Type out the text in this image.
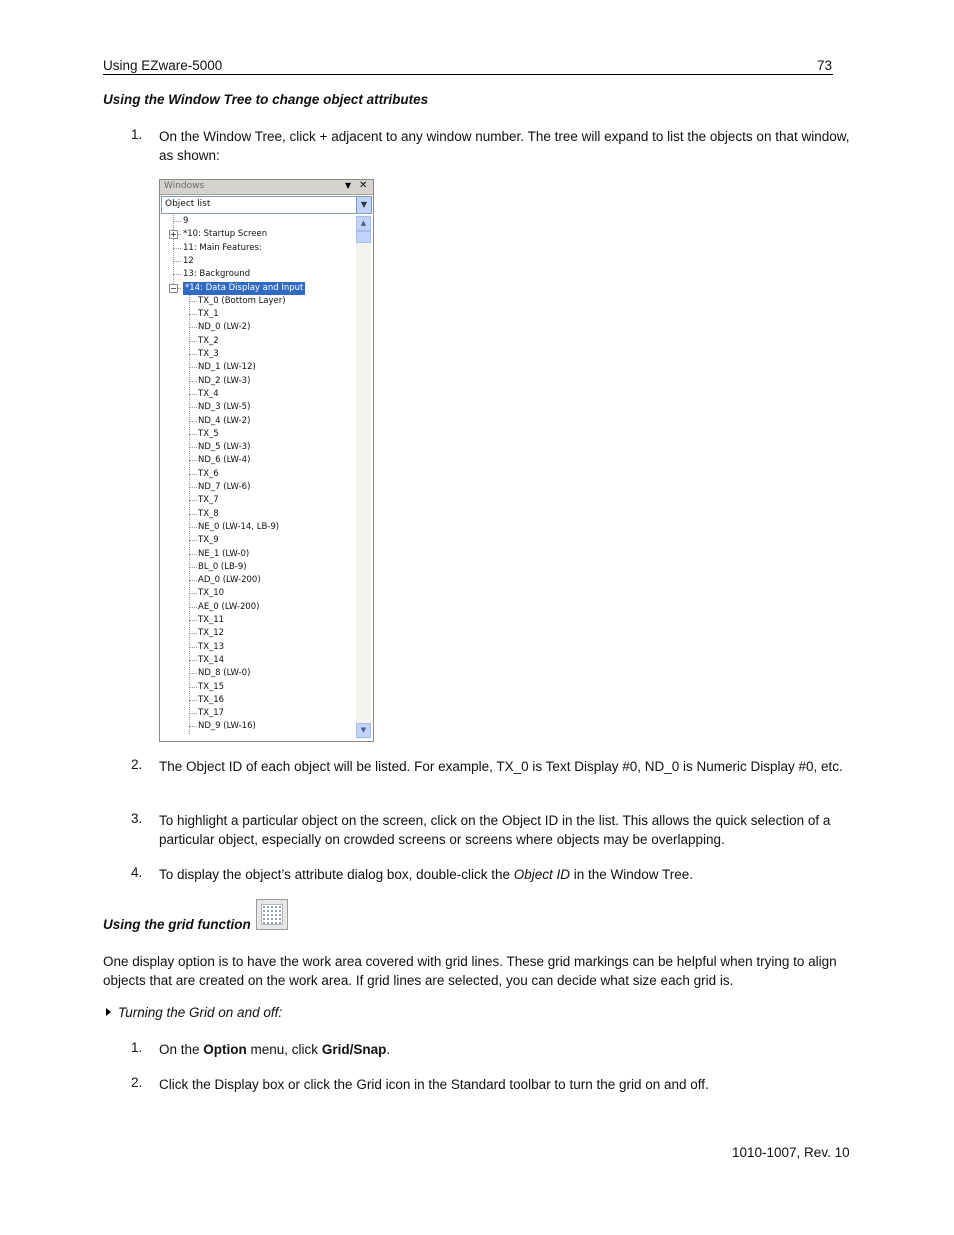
Using EZware-5000	73
Using the Window Tree to change object attributes
1. On the Window Tree, click + adjacent to any window number. The tree will expand to list the objects on that window, as shown:
Windows	▼ ✕
Object list	▼
9
+ *10: Startup Screen
11: Main Features:
12
13: Background
− *14: Data Display and Input
TX_0 (Bottom Layer)
TX_1
ND_0 (LW-2)
TX_2
TX_3
ND_1 (LW-12)
ND_2 (LW-3)
TX_4
ND_3 (LW-5)
ND_4 (LW-2)
TX_5
ND_5 (LW-3)
ND_6 (LW-4)
TX_6
ND_7 (LW-6)
TX_7
TX_8
NE_0 (LW-14, LB-9)
TX_9
NE_1 (LW-0)
BL_0 (LB-9)
AD_0 (LW-200)
TX_10
AE_0 (LW-200)
TX_11
TX_12
TX_13
TX_14
ND_8 (LW-0)
TX_15
TX_16
TX_17
ND_9 (LW-16)
▲
▼
2. The Object ID of each object will be listed. For example, TX_0 is Text Display #0, ND_0 is Numeric Display #0, etc.
3. To highlight a particular object on the screen, click on the Object ID in the list. This allows the quick selection of a particular object, especially on crowded screens or screens where objects may be overlapping.
4. To display the object’s attribute dialog box, double-click the Object ID in the Window Tree.
Using the grid function
One display option is to have the work area covered with grid lines. These grid markings can be helpful when trying to align objects that are created on the work area. If grid lines are selected, you can decide what size each grid is.
Turning the Grid on and off:
1. On the Option menu, click Grid/Snap.
2. Click the Display box or click the Grid icon in the Standard toolbar to turn the grid on and off.
1010-1007, Rev. 10
